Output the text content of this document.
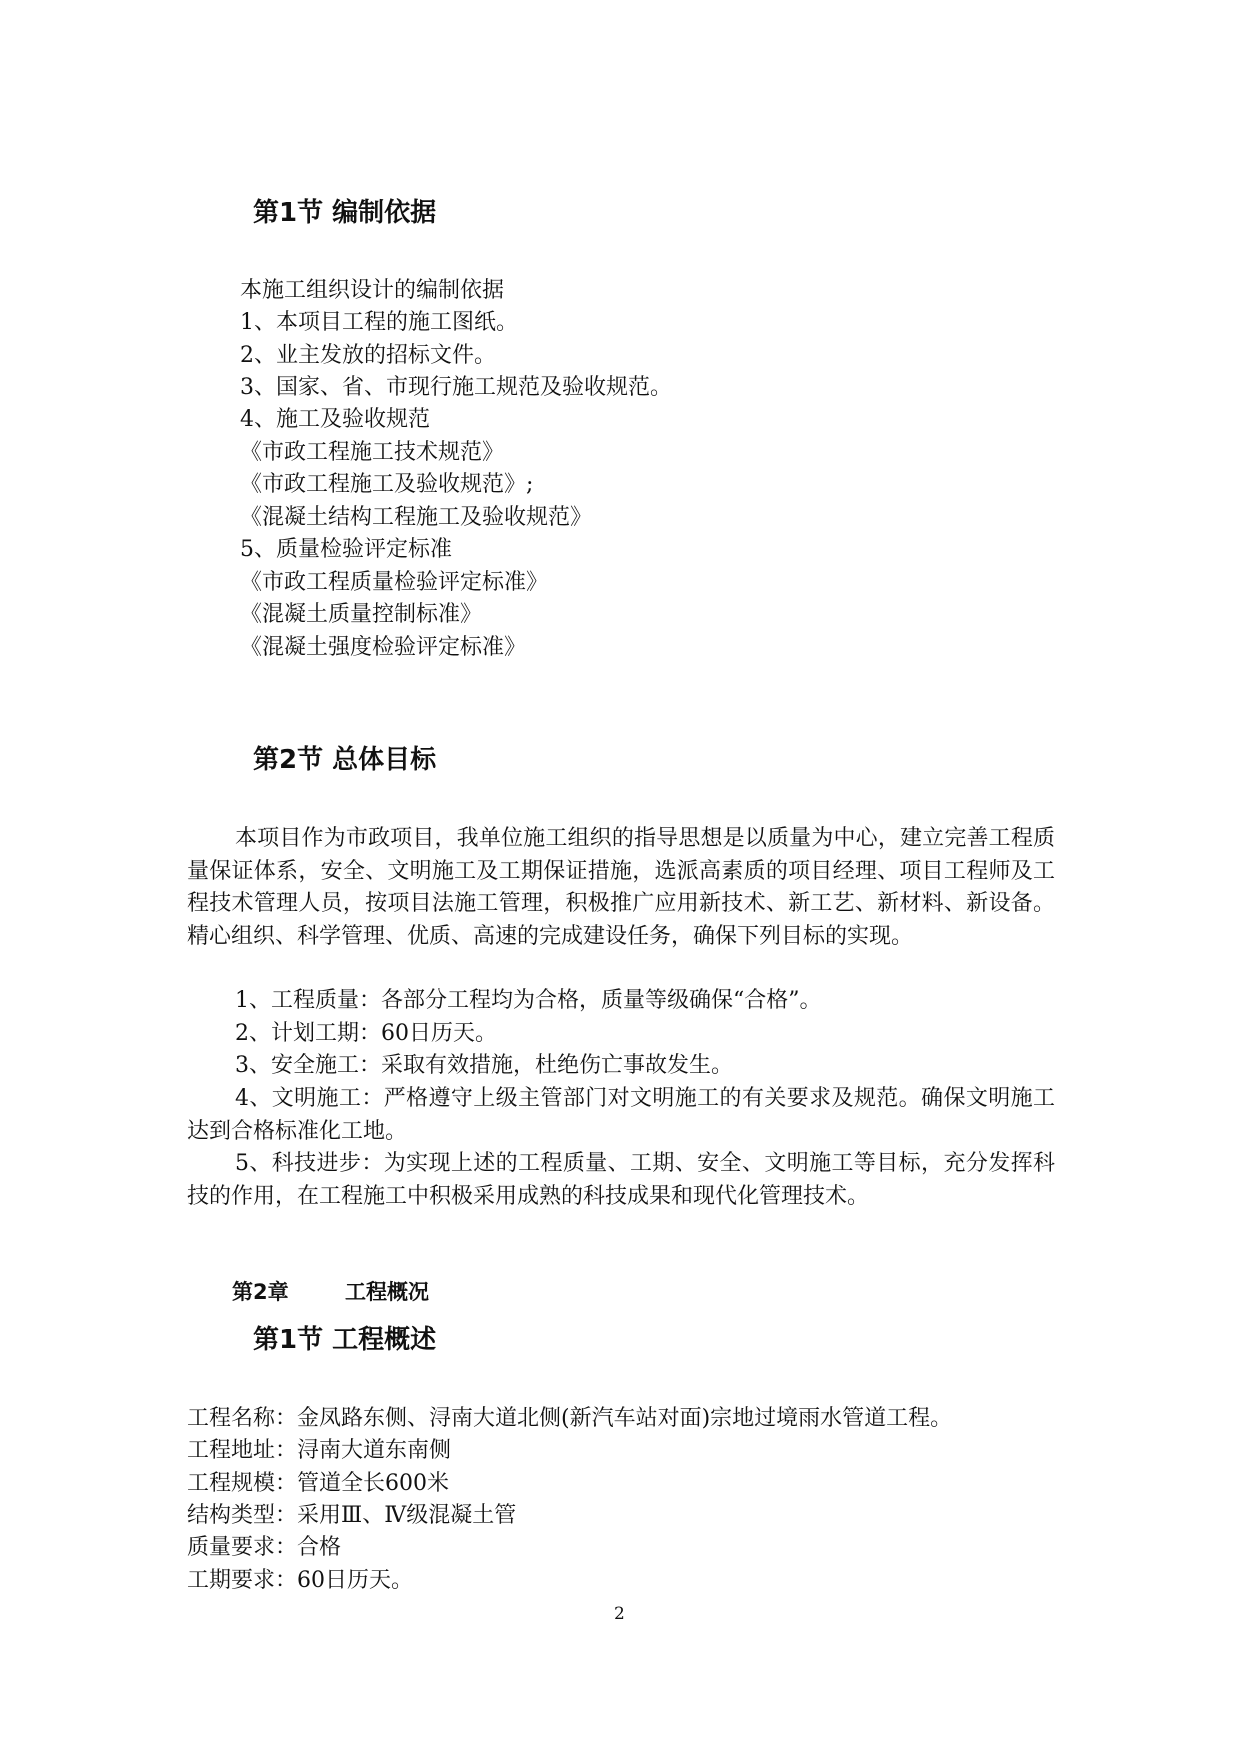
第1节 编制依据
本施工组织设计的编制依据
1、本项目工程的施工图纸。
2、业主发放的招标文件。
3、国家、省、市现行施工规范及验收规范。
4、施工及验收规范
《市政工程施工技术规范》
《市政工程施工及验收规范》;
《混凝土结构工程施工及验收规范》
5、质量检验评定标准
《市政工程质量检验评定标准》
《混凝土质量控制标准》
《混凝土强度检验评定标准》
第2节 总体目标
本项目作为市政项目，我单位施工组织的指导思想是以质量为中心，建立完善工程质量保证体系，安全、文明施工及工期保证措施，选派高素质的项目经理、项目工程师及工程技术管理人员，按项目法施工管理，积极推广应用新技术、新工艺、新材料、新设备。精心组织、科学管理、优质、高速的完成建设任务，确保下列目标的实现。
1、工程质量：各部分工程均为合格，质量等级确保“合格”。
2、计划工期：60日历天。
3、安全施工：采取有效措施，杜绝伤亡事故发生。
4、文明施工：严格遵守上级主管部门对文明施工的有关要求及规范。确保文明施工达到合格标准化工地。
5、科技进步：为实现上述的工程质量、工期、安全、文明施工等目标，充分发挥科技的作用，在工程施工中积极采用成熟的科技成果和现代化管理技术。
第2章	工程概况
第1节 工程概述
工程名称：金凤路东侧、浔南大道北侧(新汽车站对面)宗地过境雨水管道工程。
工程地址：浔南大道东南侧
工程规模：管道全长600米
结构类型：采用Ⅲ、Ⅳ级混凝土管
质量要求：合格
工期要求：60日历天。
2
